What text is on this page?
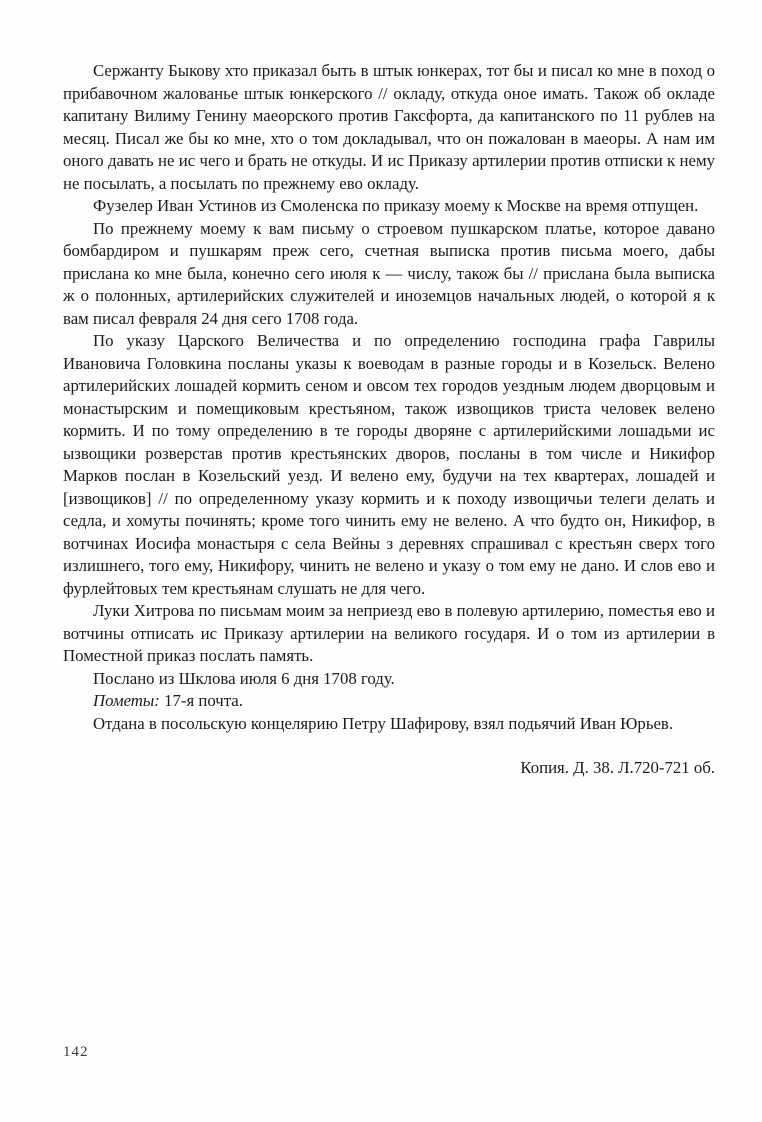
Сержанту Быкову хто приказал быть в штык юнкерах, тот бы и писал ко мне в поход о прибавочном жалованье штык юнкерского // окладу, откуда оное имать. Також об окладе капитану Вилиму Генину маеорского против Гаксфорта, да капитанского по 11 рублев на месяц. Писал же бы ко мне, хто о том докладывал, что он пожалован в маеоры. А нам им оного давать не ис чего и брать не откуды. И ис Приказу артилерии против отписки к нему не посылать, а посылать по прежнему ево окладу.

Фузелер Иван Устинов из Смоленска по приказу моему к Москве на время отпущен.

По прежнему моему к вам письму о строевом пушкарском платье, которое давано бомбардиром и пушкарям преж сего, счетная выписка против письма моего, дабы прислана ко мне была, конечно сего июля к — числу, також бы // прислана была выписка ж о полонных, артилерийских служителей и иноземцов начальных людей, о которой я к вам писал февраля 24 дня сего 1708 года.

По указу Царского Величества и по определению господина графа Гаврилы Ивановича Головкина посланы указы к воеводам в разные городы и в Козельск. Велено артилерийских лошадей кормить сеном и овсом тех городов уездным людем дворцовым и монастырским и помещиковым крестьяном, також извощиков триста человек велено кормить. И по тому определению в те городы дворяне с артилерийскими лошадьми ис ызвощики розверстав против крестьянских дворов, посланы в том числе и Никифор Марков послан в Козельский уезд. И велено ему, будучи на тех квартерах, лошадей и [извощиков] // по определенному указу кормить и к походу извощичьи телеги делать и седла, и хомуты починять; кроме того чинить ему не велено. А что будто он, Никифор, в вотчинах Иосифа монастыря с села Вейны з деревнях спрашивал с крестьян сверх того излишнего, того ему, Никифору, чинить не велено и указу о том ему не дано. И слов ево и фурлейтовых тем крестьянам слушать не для чего.

Луки Хитрова по письмам моим за неприезд ево в полевую артилерию, поместья ево и вотчины отписать ис Приказу артилерии на великого государя. И о том из артилерии в Поместной приказ послать память.

Послано из Шклова июля 6 дня 1708 году.

Пометы: 17-я почта.

Отдана в посольскую концелярию Петру Шафирову, взял подьячий Иван Юрьев.

Копия. Д. 38. Л.720-721 об.

142
